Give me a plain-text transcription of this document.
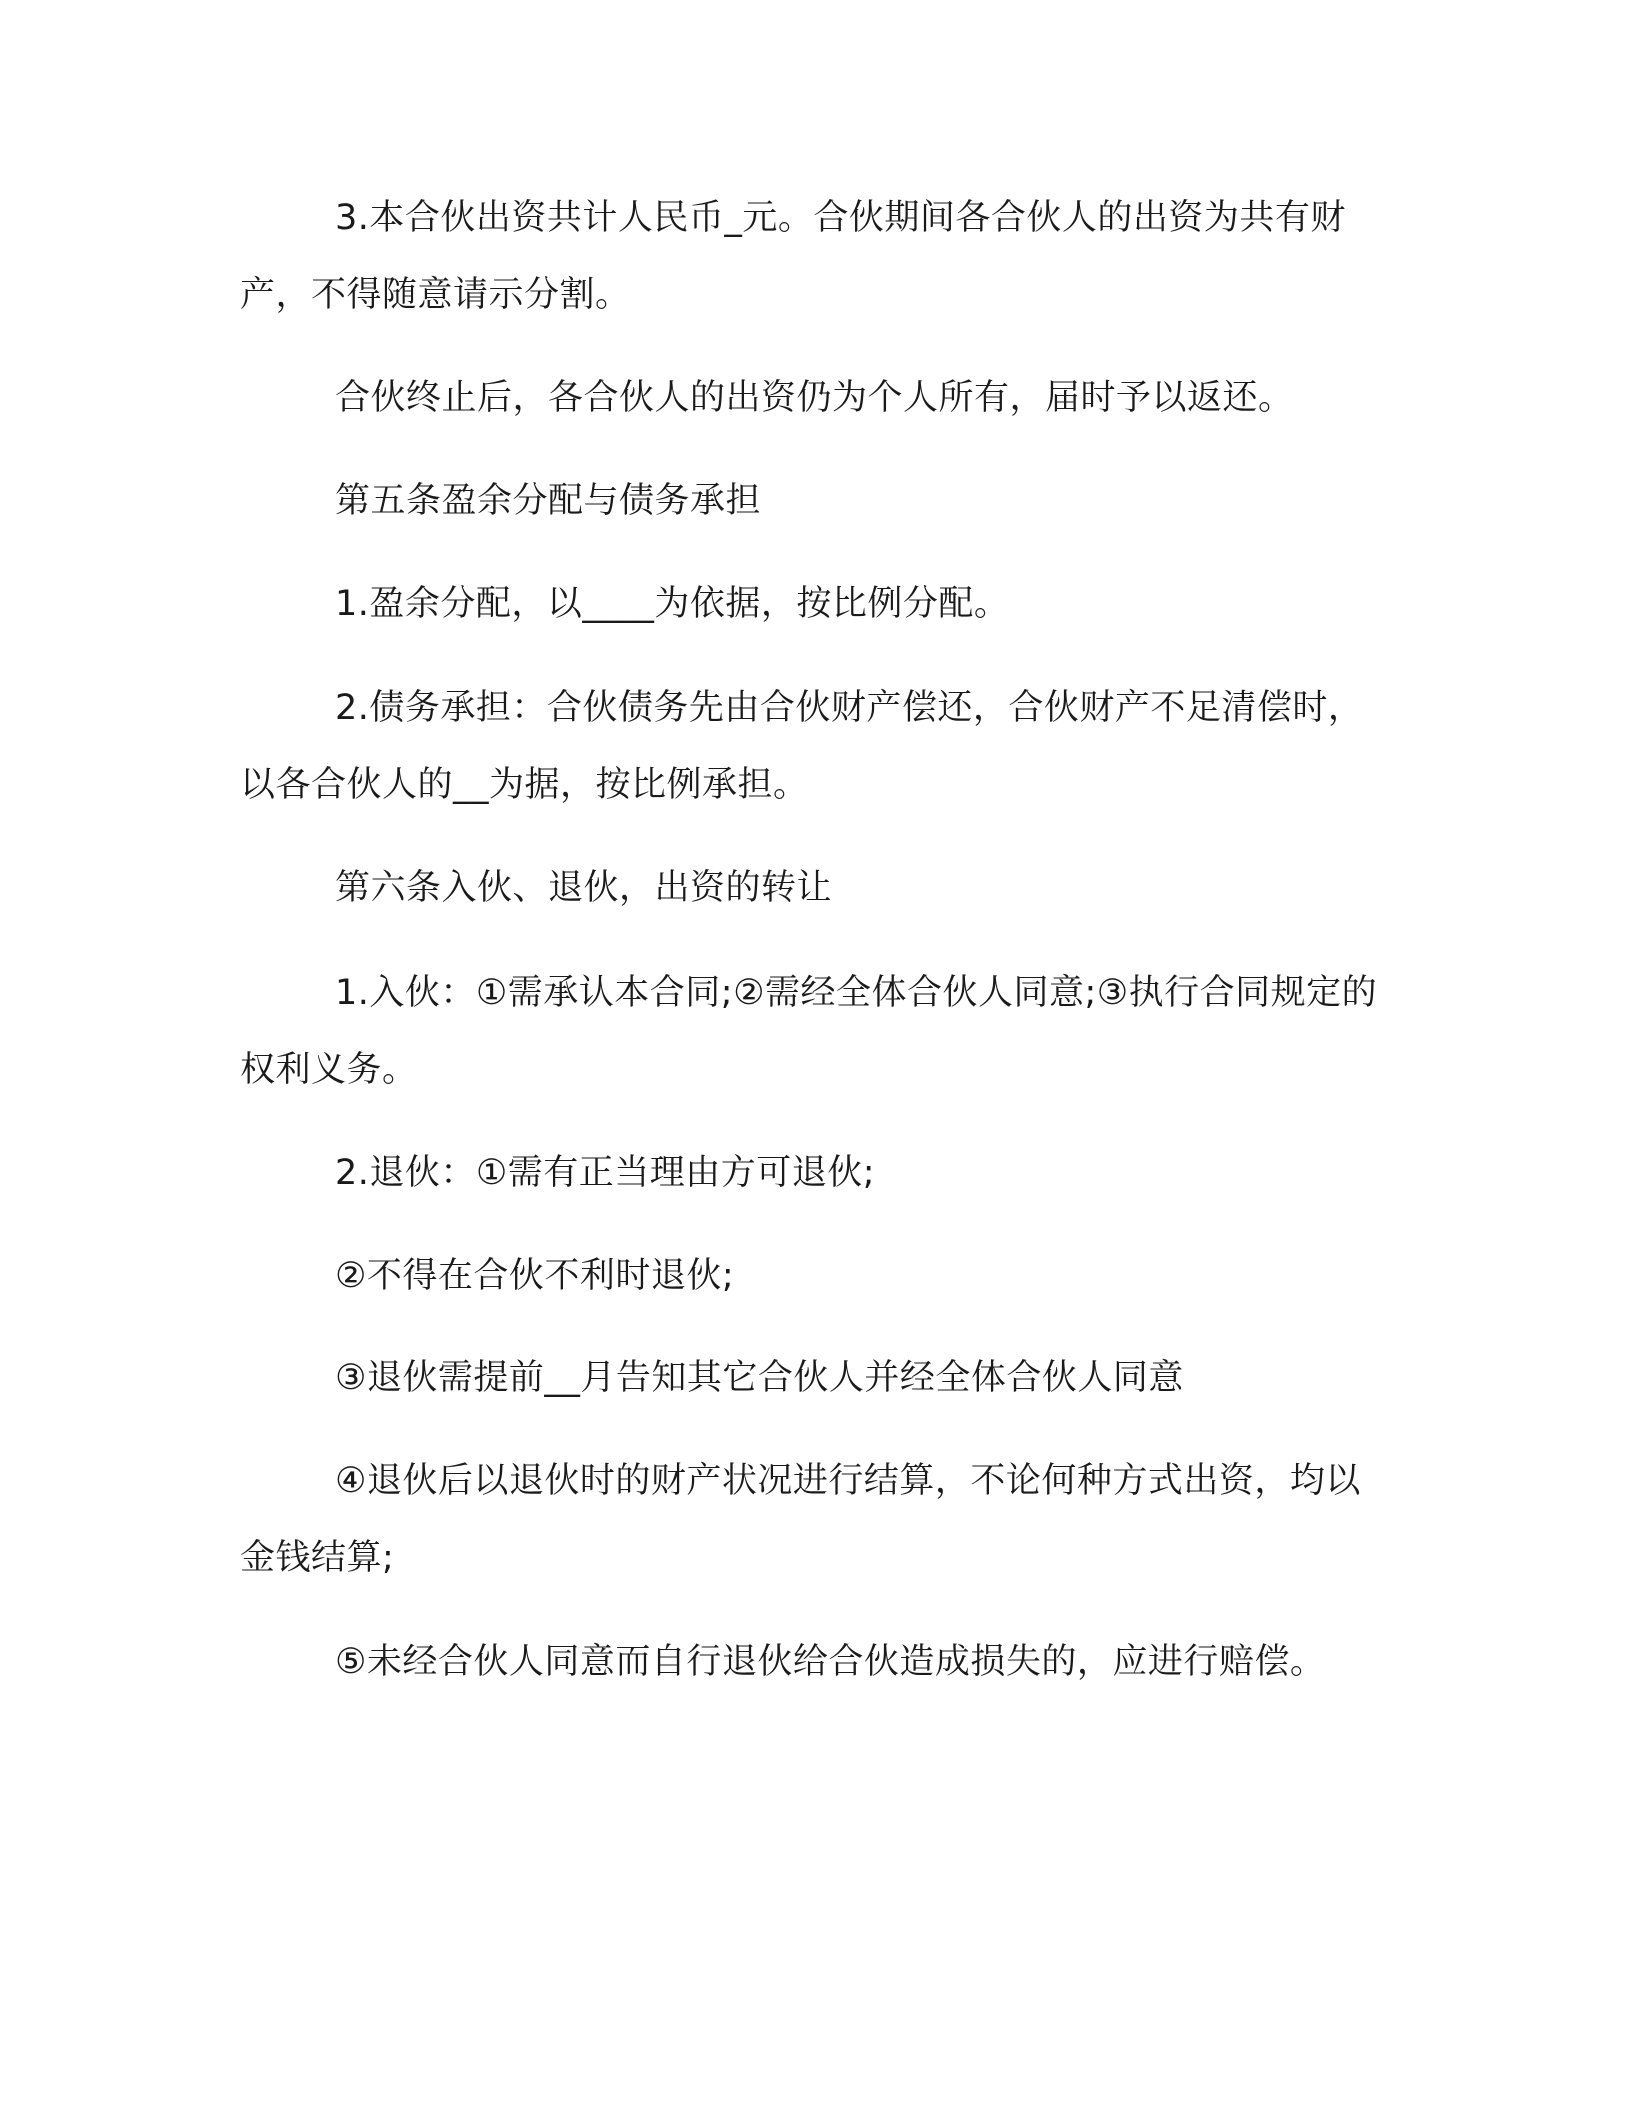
3.本合伙出资共计人民币_元。合伙期间各合伙人的出资为共有财产，不得随意请示分割。

合伙终止后，各合伙人的出资仍为个人所有，届时予以返还。

第五条盈余分配与债务承担

1.盈余分配，以____为依据，按比例分配。

2.债务承担：合伙债务先由合伙财产偿还，合伙财产不足清偿时，以各合伙人的__为据，按比例承担。

第六条入伙、退伙，出资的转让

1.入伙：①需承认本合同;②需经全体合伙人同意;③执行合同规定的权利义务。

2.退伙：①需有正当理由方可退伙;

②不得在合伙不利时退伙;

③退伙需提前__月告知其它合伙人并经全体合伙人同意

④退伙后以退伙时的财产状况进行结算，不论何种方式出资，均以金钱结算;

⑤未经合伙人同意而自行退伙给合伙造成损失的，应进行赔偿。
